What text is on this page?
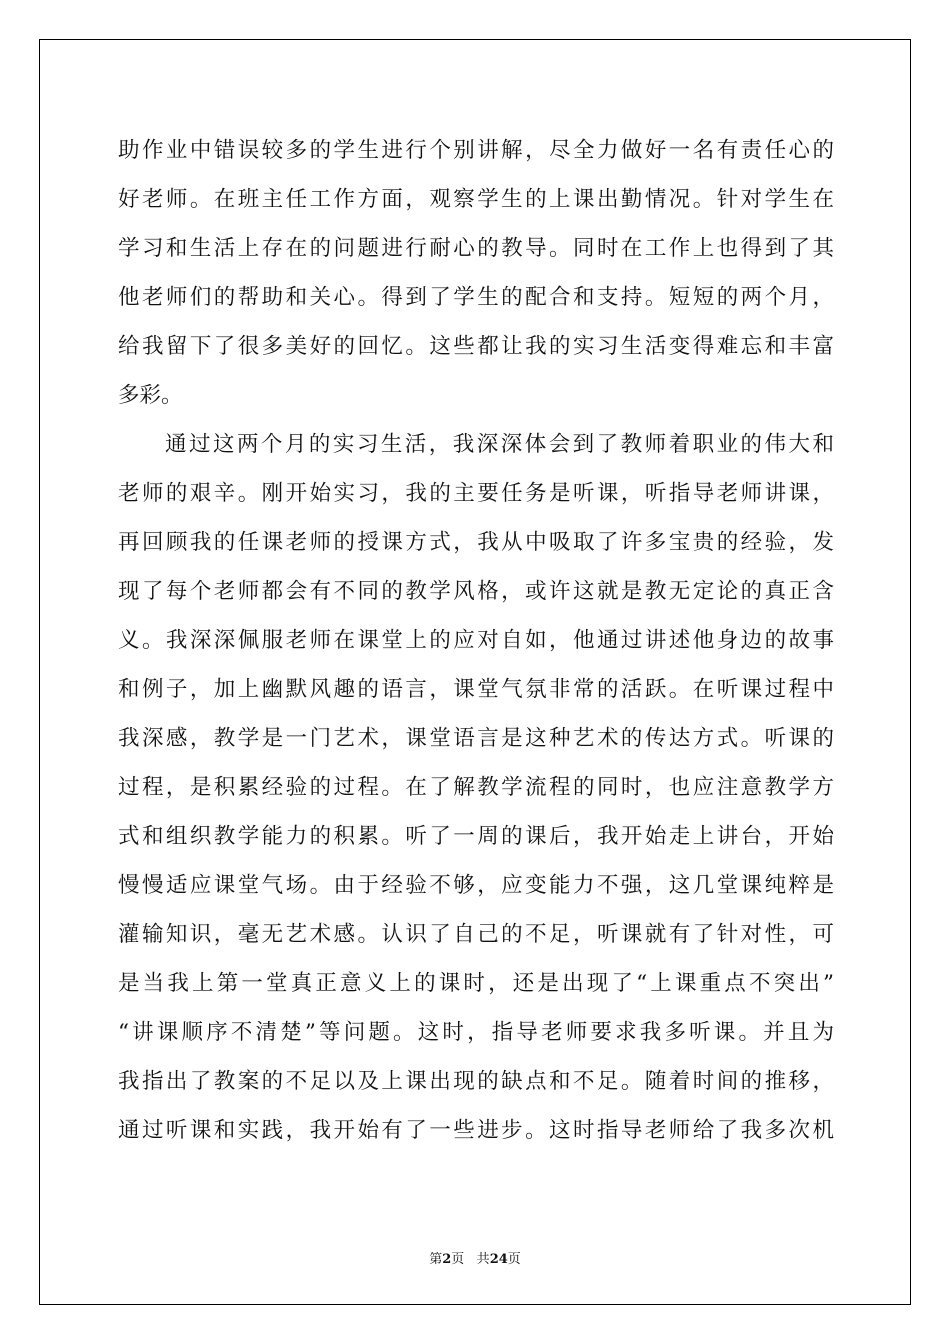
助作业中错误较多的学生进行个别讲解，尽全力做好一名有责任心的
好老师。在班主任工作方面，观察学生的上课出勤情况。针对学生在
学习和生活上存在的问题进行耐心的教导。同时在工作上也得到了其
他老师们的帮助和关心。得到了学生的配合和支持。短短的两个月，
给我留下了很多美好的回忆。这些都让我的实习生活变得难忘和丰富
多彩。
通过这两个月的实习生活，我深深体会到了教师着职业的伟大和
老师的艰辛。刚开始实习，我的主要任务是听课，听指导老师讲课，
再回顾我的任课老师的授课方式，我从中吸取了许多宝贵的经验，发
现了每个老师都会有不同的教学风格，或许这就是教无定论的真正含
义。我深深佩服老师在课堂上的应对自如，他通过讲述他身边的故事
和例子，加上幽默风趣的语言，课堂气氛非常的活跃。在听课过程中
我深感，教学是一门艺术，课堂语言是这种艺术的传达方式。听课的
过程，是积累经验的过程。在了解教学流程的同时，也应注意教学方
式和组织教学能力的积累。听了一周的课后，我开始走上讲台，开始
慢慢适应课堂气场。由于经验不够，应变能力不强，这几堂课纯粹是
灌输知识，毫无艺术感。认识了自己的不足，听课就有了针对性，可
是当我上第一堂真正意义上的课时，还是出现了“上课重点不突出”
“讲课顺序不清楚”等问题。这时，指导老师要求我多听课。并且为
我指出了教案的不足以及上课出现的缺点和不足。随着时间的推移，
通过听课和实践，我开始有了一些进步。这时指导老师给了我多次机
第2页 共24页
